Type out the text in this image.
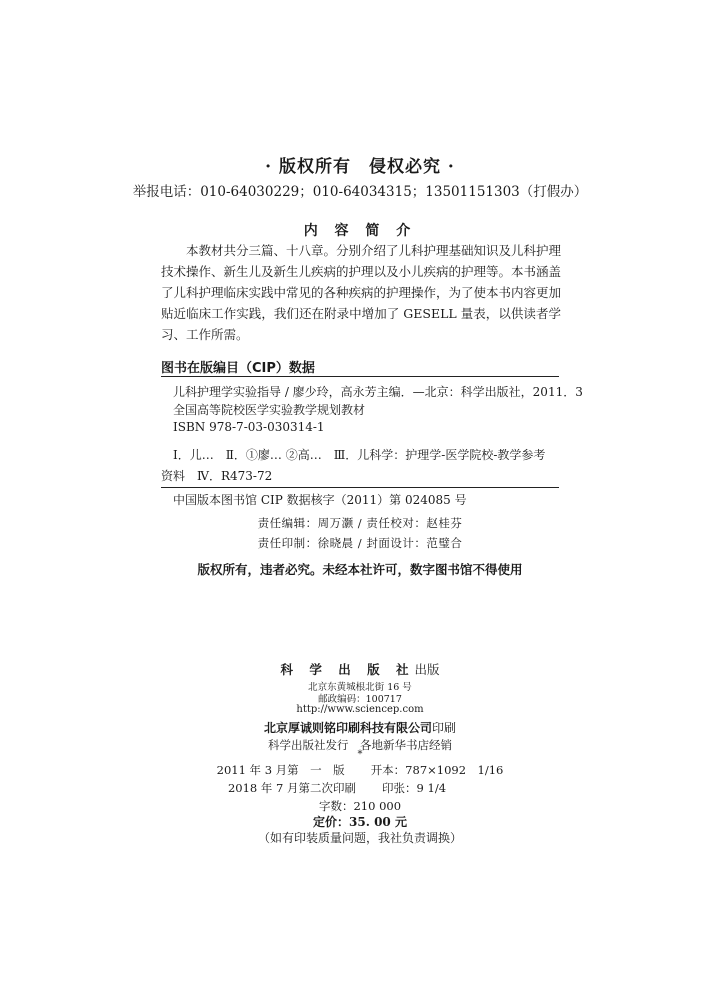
· 版权所有　侵权必究 ·
举报电话：010-64030229；010-64034315；13501151303（打假办）
内 容 简 介

本教材共分三篇、十八章。分别介绍了儿科护理基础知识及儿科护理技术操作、新生儿及新生儿疾病的护理以及小儿疾病的护理等。本书涵盖了儿科护理临床实践中常见的各种疾病的护理操作，为了使本书内容更加贴近临床工作实践，我们还在附录中增加了 GESELL 量表，以供读者学习、工作所需。

图书在版编目（CIP）数据
儿科护理学实验指导 / 廖少玲，高永芳主编．—北京：科学出版社，2011．3
全国高等院校医学实验教学规划教材
ISBN 978-7-03-030314-1
Ⅰ．儿…　Ⅱ．①廖… ②高…　Ⅲ．儿科学：护理学-医学院校-教学参考
资料　Ⅳ．R473-72
中国版本图书馆 CIP 数据核字（2011）第 024085 号
责任编辑：周万灏 / 责任校对：赵桂芬
责任印制：徐晓晨 / 封面设计：范璧合
版权所有，违者必究。未经本社许可，数字图书馆不得使用
科 学 出 版 社出版
北京东黄城根北街 16 号
邮政编码：100717
http://www.sciencep.com
北京厚诚则铭印刷科技有限公司印刷
科学出版社发行　各地新华书店经销
*
2011 年 3 月第　一　版 开本：787×1092　1/16
2018 年 7 月第二次印刷 印张：9 1/4
字数：210 000
定价：35. 00 元
（如有印装质量问题，我社负责调换）
